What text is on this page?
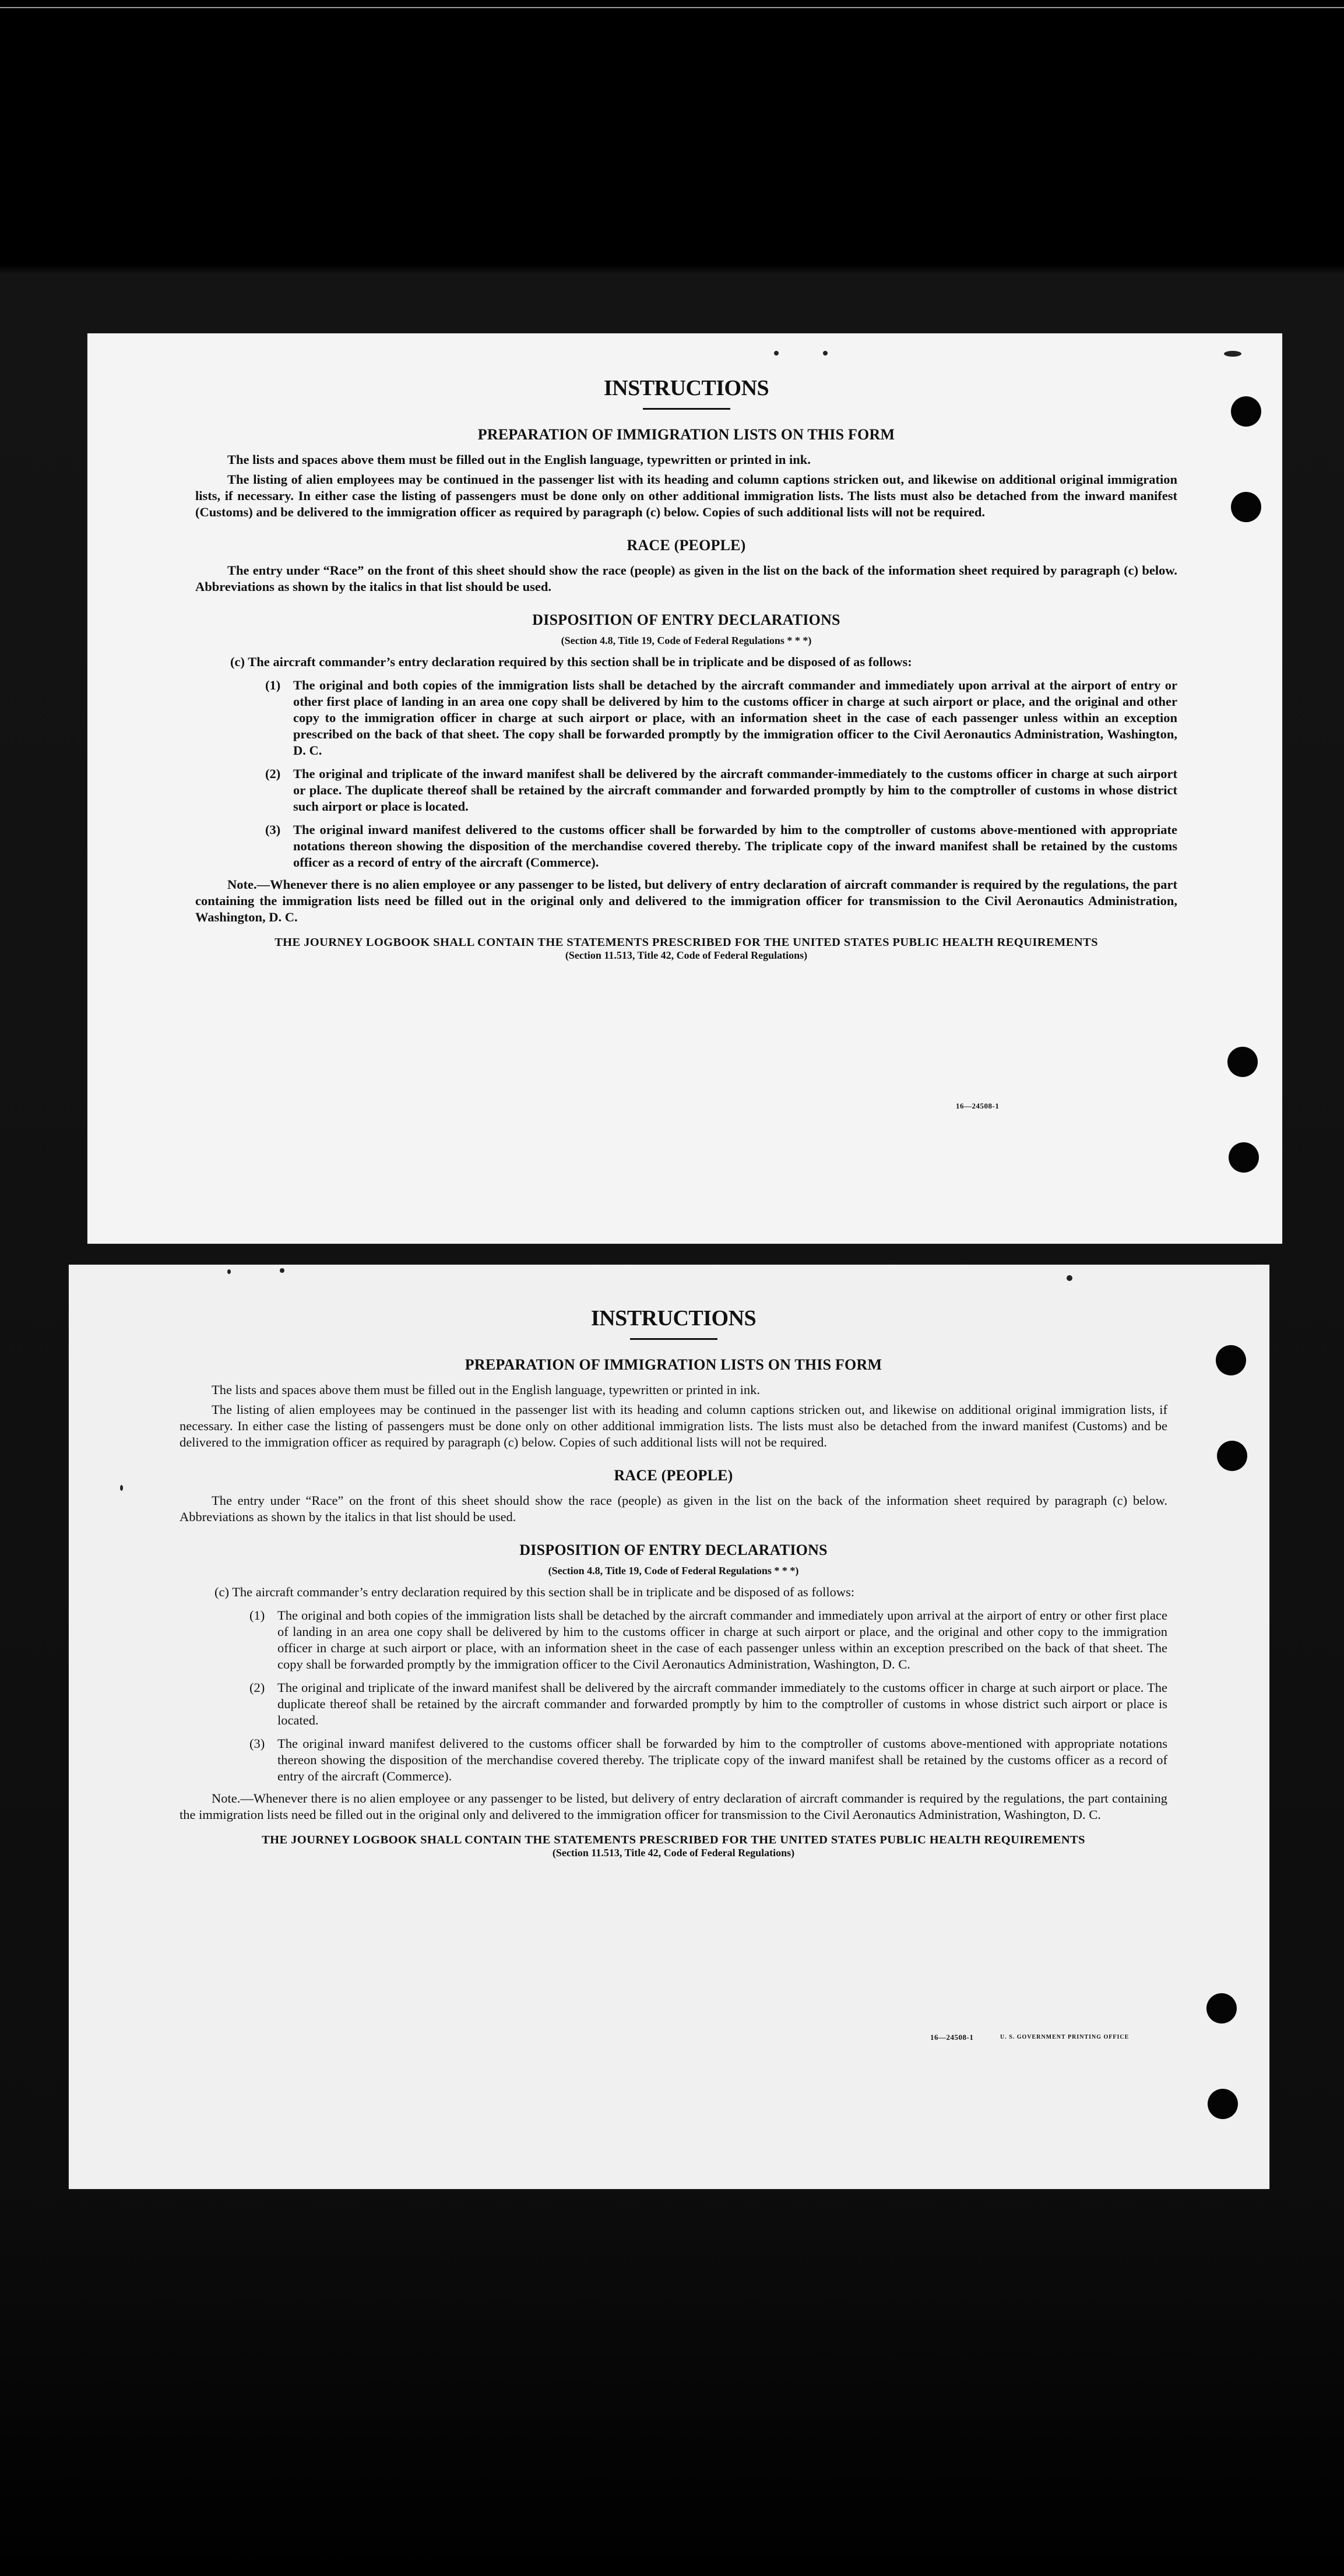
INSTRUCTIONS
PREPARATION OF IMMIGRATION LISTS ON THIS FORM

The lists and spaces above them must be filled out in the English language, typewritten or printed in ink.

The listing of alien employees may be continued in the passenger list with its heading and column captions stricken out, and likewise on additional original immigration lists, if necessary. In either case the listing of passengers must be done only on other additional immigration lists. The lists must also be detached from the inward manifest (Customs) and be delivered to the immigration officer as required by paragraph (c) below. Copies of such additional lists will not be required.

RACE (PEOPLE)

The entry under “Race” on the front of this sheet should show the race (people) as given in the list on the back of the information sheet required by paragraph (c) below. Abbreviations as shown by the italics in that list should be used.

DISPOSITION OF ENTRY DECLARATIONS
(Section 4.8, Title 19, Code of Federal Regulations * * *)

(c) The aircraft commander’s entry declaration required by this section shall be in triplicate and be disposed of as follows:

(1) The original and both copies of the immigration lists shall be detached by the aircraft commander and immediately upon arrival at the airport of entry or other first place of landing in an area one copy shall be delivered by him to the customs officer in charge at such airport or place, and the original and other copy to the immigration officer in charge at such airport or place, with an information sheet in the case of each passenger unless within an exception prescribed on the back of that sheet. The copy shall be forwarded promptly by the immigration officer to the Civil Aeronautics Administration, Washington, D. C.
(2) The original and triplicate of the inward manifest shall be delivered by the aircraft commander-immediately to the customs officer in charge at such airport or place. The duplicate thereof shall be retained by the aircraft commander and forwarded promptly by him to the comptroller of customs in whose district such airport or place is located.
(3) The original inward manifest delivered to the customs officer shall be forwarded by him to the comptroller of customs above-mentioned with appropriate notations thereon showing the disposition of the merchandise covered thereby. The triplicate copy of the inward manifest shall be retained by the customs officer as a record of entry of the aircraft (Commerce).

Note.—Whenever there is no alien employee or any passenger to be listed, but delivery of entry declaration of aircraft commander is required by the regulations, the part containing the immigration lists need be filled out in the original only and delivered to the immigration officer for transmission to the Civil Aeronautics Administration, Washington, D. C.

THE JOURNEY LOGBOOK SHALL CONTAIN THE STATEMENTS PRESCRIBED FOR THE UNITED STATES PUBLIC HEALTH REQUIREMENTS
(Section 11.513, Title 42, Code of Federal Regulations)
16—24508-1
INSTRUCTIONS
PREPARATION OF IMMIGRATION LISTS ON THIS FORM

The lists and spaces above them must be filled out in the English language, typewritten or printed in ink.

The listing of alien employees may be continued in the passenger list with its heading and column captions stricken out, and likewise on additional original immigration lists, if necessary. In either case the listing of passengers must be done only on other additional immigration lists. The lists must also be detached from the inward manifest (Customs) and be delivered to the immigration officer as required by paragraph (c) below. Copies of such additional lists will not be required.

RACE (PEOPLE)

The entry under “Race” on the front of this sheet should show the race (people) as given in the list on the back of the information sheet required by paragraph (c) below. Abbreviations as shown by the italics in that list should be used.

DISPOSITION OF ENTRY DECLARATIONS
(Section 4.8, Title 19, Code of Federal Regulations * * *)

(c) The aircraft commander’s entry declaration required by this section shall be in triplicate and be disposed of as follows:

(1) The original and both copies of the immigration lists shall be detached by the aircraft commander and immediately upon arrival at the airport of entry or other first place of landing in an area one copy shall be delivered by him to the customs officer in charge at such airport or place, and the original and other copy to the immigration officer in charge at such airport or place, with an information sheet in the case of each passenger unless within an exception prescribed on the back of that sheet. The copy shall be forwarded promptly by the immigration officer to the Civil Aeronautics Administration, Washington, D. C.
(2) The original and triplicate of the inward manifest shall be delivered by the aircraft commander immediately to the customs officer in charge at such airport or place. The duplicate thereof shall be retained by the aircraft commander and forwarded promptly by him to the comptroller of customs in whose district such airport or place is located.
(3) The original inward manifest delivered to the customs officer shall be forwarded by him to the comptroller of customs above-mentioned with appropriate notations thereon showing the disposition of the merchandise covered thereby. The triplicate copy of the inward manifest shall be retained by the customs officer as a record of entry of the aircraft (Commerce).

Note.—Whenever there is no alien employee or any passenger to be listed, but delivery of entry declaration of aircraft commander is required by the regulations, the part containing the immigration lists need be filled out in the original only and delivered to the immigration officer for transmission to the Civil Aeronautics Administration, Washington, D. C.

THE JOURNEY LOGBOOK SHALL CONTAIN THE STATEMENTS PRESCRIBED FOR THE UNITED STATES PUBLIC HEALTH REQUIREMENTS
(Section 11.513, Title 42, Code of Federal Regulations)
16—24508-1	U. S. GOVERNMENT PRINTING OFFICE
